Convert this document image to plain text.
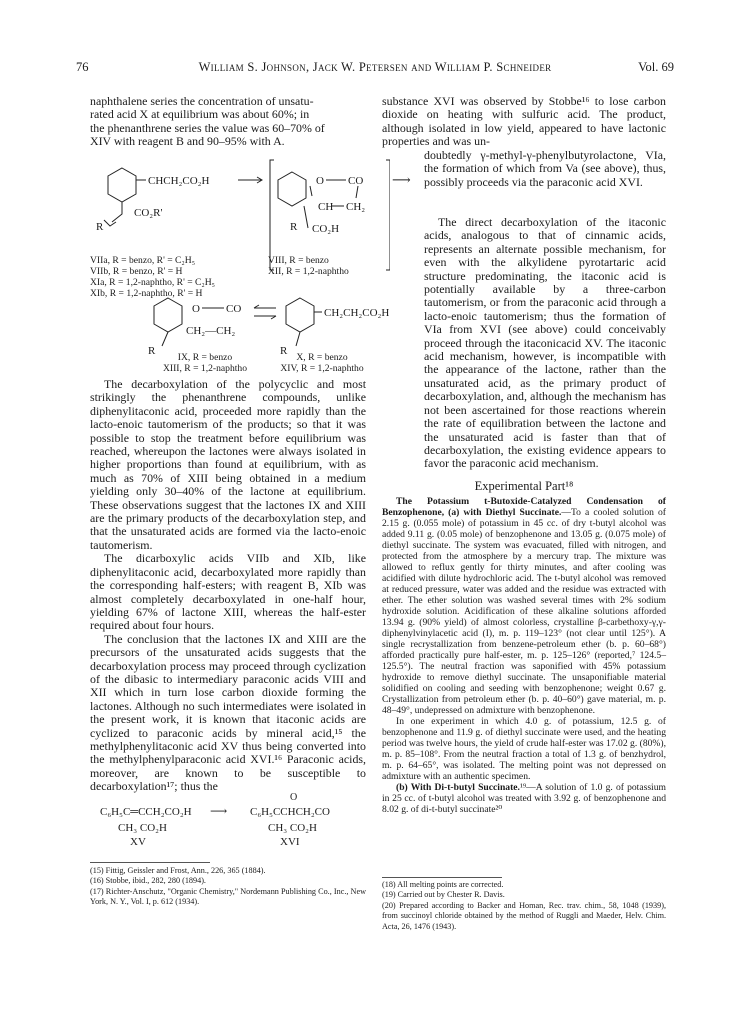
76	William S. Johnson, Jack W. Petersen and William P. Schneider	Vol. 69

naphthalene series the concentration of unsatu-

rated acid X at equilibrium was about 60%; in

the phenanthrene series the value was 60–70% of

XIV with reagent B and 90–95% with A.

CHCH₂CO₂H
CO₂R'
R
O CO
CH CH₂
R CO₂H
⟶

VIIa, R = benzo, R' = C₂H₅

VIIb, R = benzo, R' = H

XIa, R = 1,2-naphtho, R' = C₂H₅

XIb, R = 1,2-naphtho, R' = H

VIII, R = benzo

XII, R = 1,2-naphtho

O CO
CH₂—CH₂
R
CH₂CH₂CO₂H
R

IX, R = benzo

XIII, R = 1,2-naphtho

X, R = benzo

XIV, R = 1,2-naphtho

The decarboxylation of the polycyclic and most strikingly the phenanthrene compounds, unlike diphenylitaconic acid, proceeded more rapidly than the lacto-enoic tautomerism of the products; so that it was possible to stop the treatment before equilibrium was reached, whereupon the lactones were always isolated in higher proportions than found at equilibrium, with as much as 70% of XIII being obtained in a medium yielding only 30–40% of the lactone at equilibrium. These observations suggest that the lactones IX and XIII are the primary products of the decarboxylation step, and that the unsaturated acids are formed via the lacto-enoic tautomerism.

The dicarboxylic acids VIIb and XIb, like diphenylitaconic acid, decarboxylated more rapidly than the corresponding half-esters; with reagent B, XIb was almost completely decarboxylated in one-half hour, yielding 67% of lactone XIII, whereas the half-ester required about four hours.

The conclusion that the lactones IX and XIII are the precursors of the unsaturated acids suggests that the decarboxylation process may proceed through cyclization of the dibasic to intermediary paraconic acids VIII and XII which in turn lose carbon dioxide forming the lactones. Although no such intermediates were isolated in the present work, it is known that itaconic acids are cyclized to paraconic acids by mineral acid,¹⁵ the methylphenylitaconic acid XV thus being converted into the methylphenylparaconic acid XVI.¹⁶ Paraconic acids, moreover, are known to be susceptible to decarboxylation¹⁷; thus the

C₆H₅C═CCH₂CO₂H ⟶
O
C₆H₅CCHCH₂CO
CH₃ CO₂H	CH₃ CO₂H
XV	XVI

(15) Fittig, Geissler and Frost, Ann., 226, 365 (1884).

(16) Stobbe, ibid., 282, 280 (1894).

(17) Richter-Anschutz, "Organic Chemistry," Nordemann Publishing Co., Inc., New York, N. Y., Vol. I, p. 612 (1934).

substance XVI was observed by Stobbe¹⁶ to lose carbon dioxide on heating with sulfuric acid. The product, although isolated in low yield, appeared to have lactonic properties and was un-

doubtedly γ-methyl-γ-phenylbutyrolactone, VIa, the formation of which from Va (see above), thus, possibly proceeds via the paraconic acid XVI.

The direct decarboxylation of the itaconic acids, analogous to that of cinnamic acids, represents an alternate possible mechanism, for even with the alkylidene pyrotartaric acid structure predominating, the itaconic acid is potentially available by a three-carbon tautomerism, or from the paraconic acid through a lacto-enoic tautomerism; thus the formation of VIa from XVI (see above) could conceivably proceed through the itaconicacid XV. The itaconic acid mechanism, however, is incompatible with the appearance of the lactone, rather than the unsaturated acid, as the primary product of decarboxylation, and, although the mechanism has not been ascertained for those reactions wherein the rate of equilibration between the lactone and the unsaturated acid is faster than that of decarboxylation, the existing evidence appears to favor the paraconic acid mechanism.

Experimental Part¹⁸

The Potassium t-Butoxide-Catalyzed Condensation of Benzophenone, (a) with Diethyl Succinate.—To a cooled solution of 2.15 g. (0.055 mole) of potassium in 45 cc. of dry t-butyl alcohol was added 9.11 g. (0.05 mole) of benzophenone and 13.05 g. (0.075 mole) of diethyl succinate. The system was evacuated, filled with nitrogen, and protected from the atmosphere by a mercury trap. The mixture was allowed to reflux gently for thirty minutes, and after cooling was acidified with dilute hydrochloric acid. The t-butyl alcohol was removed at reduced pressure, water was added and the residue was extracted with ether. The ether solution was washed several times with 2% sodium hydroxide solution. Acidification of these alkaline solutions afforded 13.94 g. (90% yield) of almost colorless, crystalline β-carbethoxy-γ,γ-diphenylvinylacetic acid (I), m. p. 119–123° (not clear until 125°). A single recrystallization from benzene-petroleum ether (b. p. 60–68°) afforded practically pure half-ester, m. p. 125–126° (reported,⁷ 124.5–125.5°). The neutral fraction was saponified with 45% potassium hydroxide to remove diethyl succinate. The unsaponifiable material solidified on cooling and seeding with benzophenone; weight 0.67 g. Crystallization from petroleum ether (b. p. 40–60°) gave material, m. p. 48–49°, undepressed on admixture with benzophenone.

In one experiment in which 4.0 g. of potassium, 12.5 g. of benzophenone and 11.9 g. of diethyl succinate were used, and the heating period was twelve hours, the yield of crude half-ester was 17.02 g. (80%), m. p. 85–108°. From the neutral fraction a total of 1.3 g. of benzhydrol, m. p. 64–65°, was isolated. The melting point was not depressed on admixture with an authentic specimen.

(b) With Di-t-butyl Succinate.¹⁹—A solution of 1.0 g. of potassium in 25 cc. of t-butyl alcohol was treated with 3.92 g. of benzophenone and 8.02 g. of di-t-butyl succinate²⁰

(18) All melting points are corrected.

(19) Carried out by Chester R. Davis.

(20) Prepared according to Backer and Homan, Rec. trav. chim., 58, 1048 (1939), from succinoyl chloride obtained by the method of Ruggli and Maeder, Helv. Chim. Acta, 26, 1476 (1943).
